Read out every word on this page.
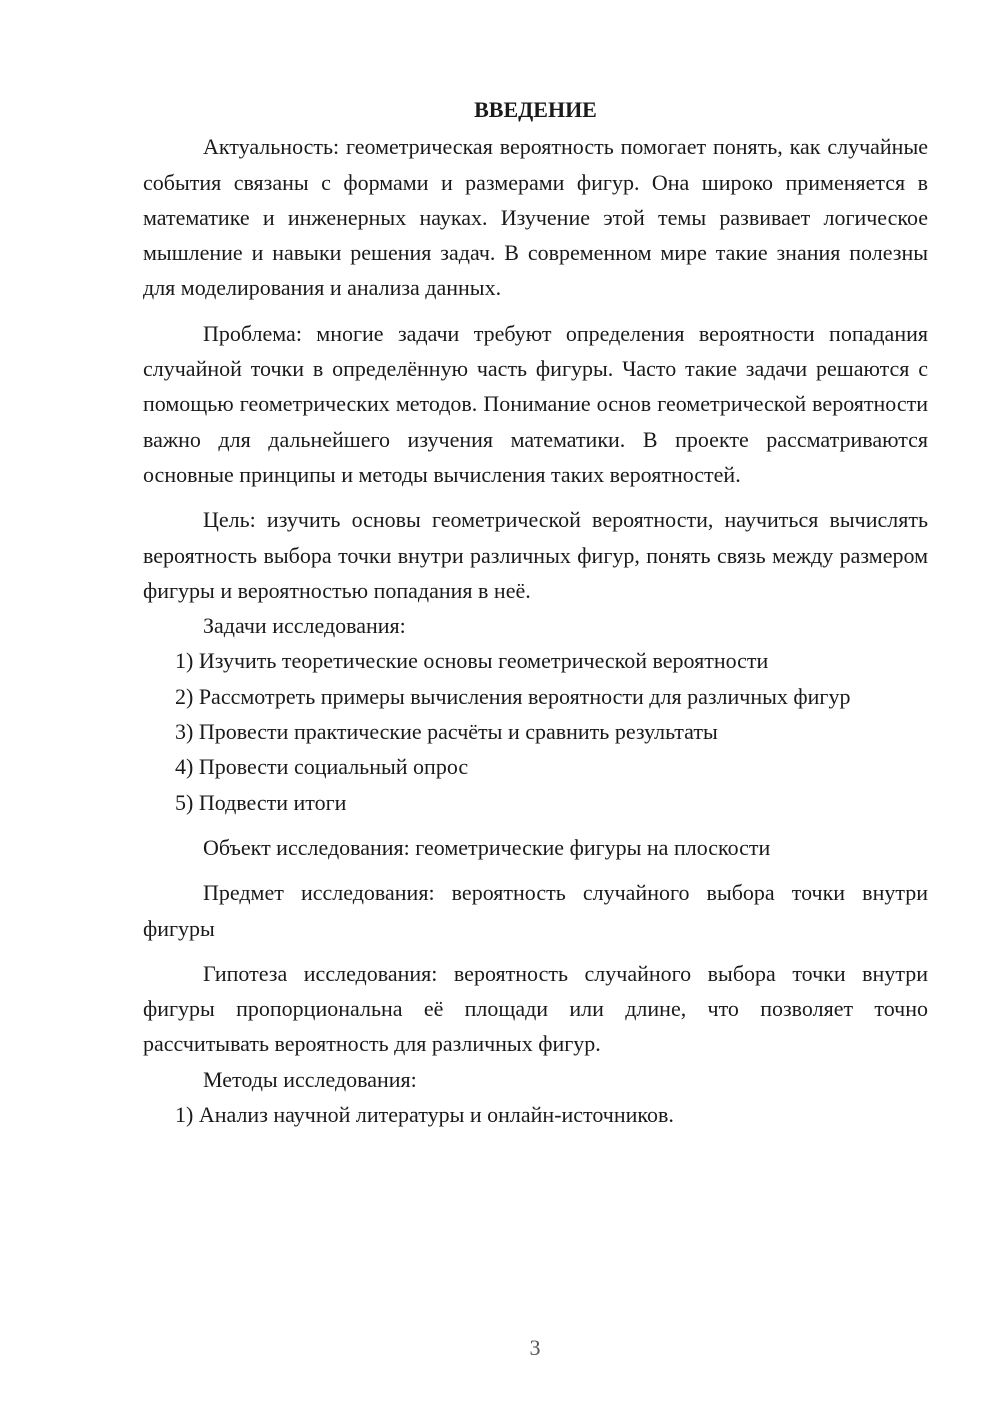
ВВЕДЕНИЕ

Актуальность: геометрическая вероятность помогает понять, как случайные события связаны с формами и размерами фигур. Она широко применяется в математике и инженерных науках. Изучение этой темы развивает логическое мышление и навыки решения задач. В современном мире такие знания полезны для моделирования и анализа данных.

Проблема: многие задачи требуют определения вероятности попадания случайной точки в определённую часть фигуры. Часто такие задачи решаются с помощью геометрических методов. Понимание основ геометрической вероятности важно для дальнейшего изучения математики. В проекте рассматриваются основные принципы и методы вычисления таких вероятностей.

Цель: изучить основы геометрической вероятности, научиться вычислять вероятность выбора точки внутри различных фигур, понять связь между размером фигуры и вероятностью попадания в неё.

Задачи исследования:

1) Изучить теоретические основы геометрической вероятности

2) Рассмотреть примеры вычисления вероятности для различных фигур

3) Провести практические расчёты и сравнить результаты

4) Провести социальный опрос

5) Подвести итоги

Объект исследования: геометрические фигуры на плоскости

Предмет исследования: вероятность случайного выбора точки внутри фигуры

Гипотеза исследования: вероятность случайного выбора точки внутри фигуры пропорциональна её площади или длине, что позволяет точно рассчитывать вероятность для различных фигур.

Методы исследования:

1) Анализ научной литературы и онлайн-источников.

3
